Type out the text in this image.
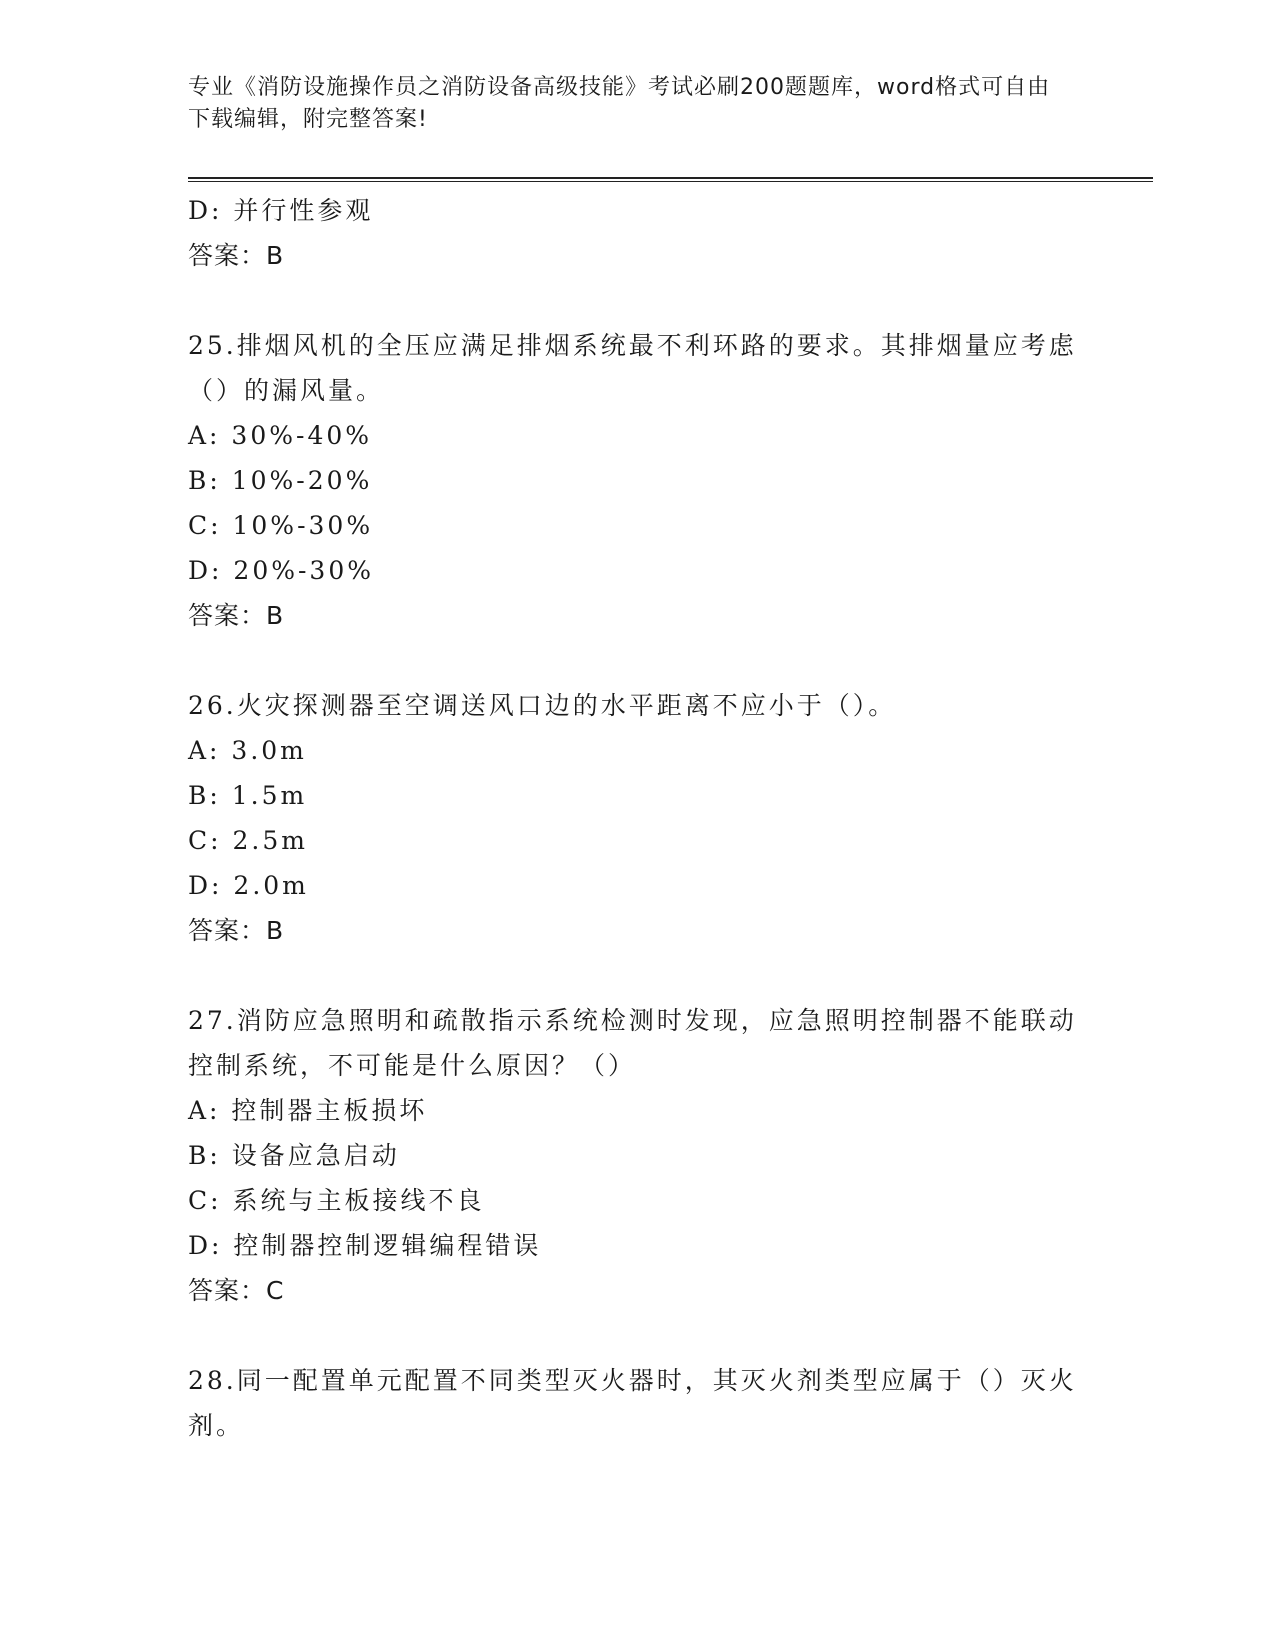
专业《消防设施操作员之消防设备高级技能》考试必刷200题题库，word格式可自由下载编辑，附完整答案!
D: 并行性参观
答案：B
25.排烟风机的全压应满足排烟系统最不利环路的要求。其排烟量应考虑（）的漏风量。
A: 30%-40%
B: 10%-20%
C: 10%-30%
D: 20%-30%
答案：B
26.火灾探测器至空调送风口边的水平距离不应小于（）。
A: 3.0m
B: 1.5m
C: 2.5m
D: 2.0m
答案：B
27.消防应急照明和疏散指示系统检测时发现，应急照明控制器不能联动控制系统，不可能是什么原因？（）
A: 控制器主板损坏
B: 设备应急启动
C: 系统与主板接线不良
D: 控制器控制逻辑编程错误
答案：C
28.同一配置单元配置不同类型灭火器时，其灭火剂类型应属于（）灭火剂。
